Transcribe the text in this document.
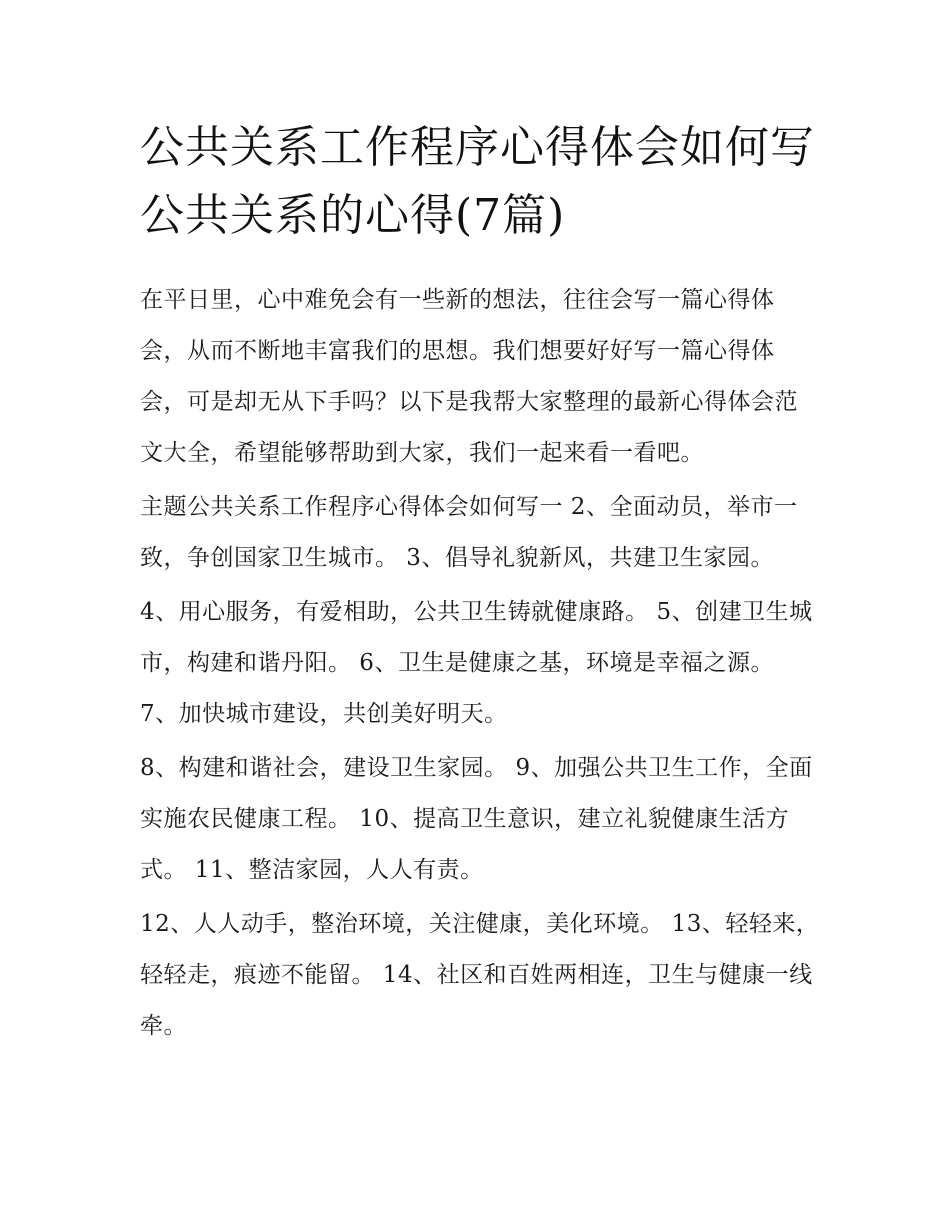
公共关系工作程序心得体会如何写 公共关系的心得(7篇)

在平日里，心中难免会有一些新的想法，往往会写一篇心得体会，从而不断地丰富我们的思想。我们想要好好写一篇心得体会，可是却无从下手吗？以下是我帮大家整理的最新心得体会范文大全，希望能够帮助到大家，我们一起来看一看吧。

主题公共关系工作程序心得体会如何写一 2、全面动员，举市一致，争创国家卫生城市。 3、倡导礼貌新风，共建卫生家园。

4、用心服务，有爱相助，公共卫生铸就健康路。 5、创建卫生城市，构建和谐丹阳。 6、卫生是健康之基，环境是幸福之源。 7、加快城市建设，共创美好明天。

8、构建和谐社会，建设卫生家园。 9、加强公共卫生工作，全面实施农民健康工程。 10、提高卫生意识，建立礼貌健康生活方式。 11、整洁家园，人人有责。

12、人人动手，整治环境，关注健康，美化环境。 13、轻轻来，轻轻走，痕迹不能留。 14、社区和百姓两相连，卫生与健康一线牵。
